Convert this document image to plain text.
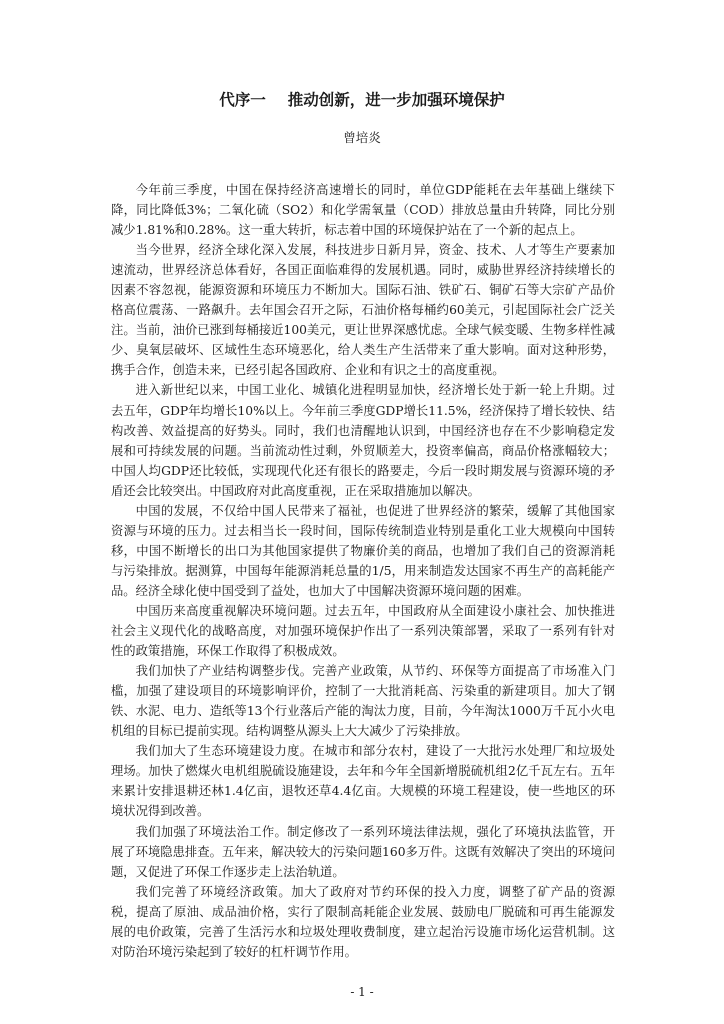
代序一 推动创新，进一步加强环境保护
曾培炎

今年前三季度，中国在保持经济高速增长的同时，单位GDP能耗在去年基础上继续下降，同比降低3%；二氧化硫（SO2）和化学需氧量（COD）排放总量由升转降，同比分别减少1.81%和0.28%。这一重大转折，标志着中国的环境保护站在了一个新的起点上。

当今世界，经济全球化深入发展，科技进步日新月异，资金、技术、人才等生产要素加速流动，世界经济总体看好，各国正面临难得的发展机遇。同时，威胁世界经济持续增长的因素不容忽视，能源资源和环境压力不断加大。国际石油、铁矿石、铜矿石等大宗矿产品价格高位震荡、一路飙升。去年国会召开之际，石油价格每桶约60美元，引起国际社会广泛关注。当前，油价已涨到每桶接近100美元，更让世界深感忧虑。全球气候变暖、生物多样性减少、臭氧层破坏、区域性生态环境恶化，给人类生产生活带来了重大影响。面对这种形势，携手合作，创造未来，已经引起各国政府、企业和有识之士的高度重视。

进入新世纪以来，中国工业化、城镇化进程明显加快，经济增长处于新一轮上升期。过去五年，GDP年均增长10%以上。今年前三季度GDP增长11.5%，经济保持了增长较快、结构改善、效益提高的好势头。同时，我们也清醒地认识到，中国经济也存在不少影响稳定发展和可持续发展的问题。当前流动性过剩，外贸顺差大，投资率偏高，商品价格涨幅较大；中国人均GDP还比较低，实现现代化还有很长的路要走，今后一段时期发展与资源环境的矛盾还会比较突出。中国政府对此高度重视，正在采取措施加以解决。

中国的发展，不仅给中国人民带来了福祉，也促进了世界经济的繁荣，缓解了其他国家资源与环境的压力。过去相当长一段时间，国际传统制造业特别是重化工业大规模向中国转移，中国不断增长的出口为其他国家提供了物廉价美的商品，也增加了我们自己的资源消耗与污染排放。据测算，中国每年能源消耗总量的1/5，用来制造发达国家不再生产的高耗能产品。经济全球化使中国受到了益处，也加大了中国解决资源环境问题的困难。

中国历来高度重视解决环境问题。过去五年，中国政府从全面建设小康社会、加快推进社会主义现代化的战略高度，对加强环境保护作出了一系列决策部署，采取了一系列有针对性的政策措施，环保工作取得了积极成效。

我们加快了产业结构调整步伐。完善产业政策，从节约、环保等方面提高了市场准入门槛，加强了建设项目的环境影响评价，控制了一大批消耗高、污染重的新建项目。加大了钢铁、水泥、电力、造纸等13个行业落后产能的淘汰力度，目前，今年淘汰1000万千瓦小火电机组的目标已提前实现。结构调整从源头上大大减少了污染排放。

我们加大了生态环境建设力度。在城市和部分农村，建设了一大批污水处理厂和垃圾处理场。加快了燃煤火电机组脱硫设施建设，去年和今年全国新增脱硫机组2亿千瓦左右。五年来累计安排退耕还林1.4亿亩，退牧还草4.4亿亩。大规模的环境工程建设，使一些地区的环境状况得到改善。

我们加强了环境法治工作。制定修改了一系列环境法律法规，强化了环境执法监管，开展了环境隐患排查。五年来，解决较大的污染问题160多万件。这既有效解决了突出的环境问题，又促进了环保工作逐步走上法治轨道。

我们完善了环境经济政策。加大了政府对节约环保的投入力度，调整了矿产品的资源税，提高了原油、成品油价格，实行了限制高耗能企业发展、鼓励电厂脱硫和可再生能源发展的电价政策，完善了生活污水和垃圾处理收费制度，建立起治污设施市场化运营机制。这对防治环境污染起到了较好的杠杆调节作用。

- 1 -
